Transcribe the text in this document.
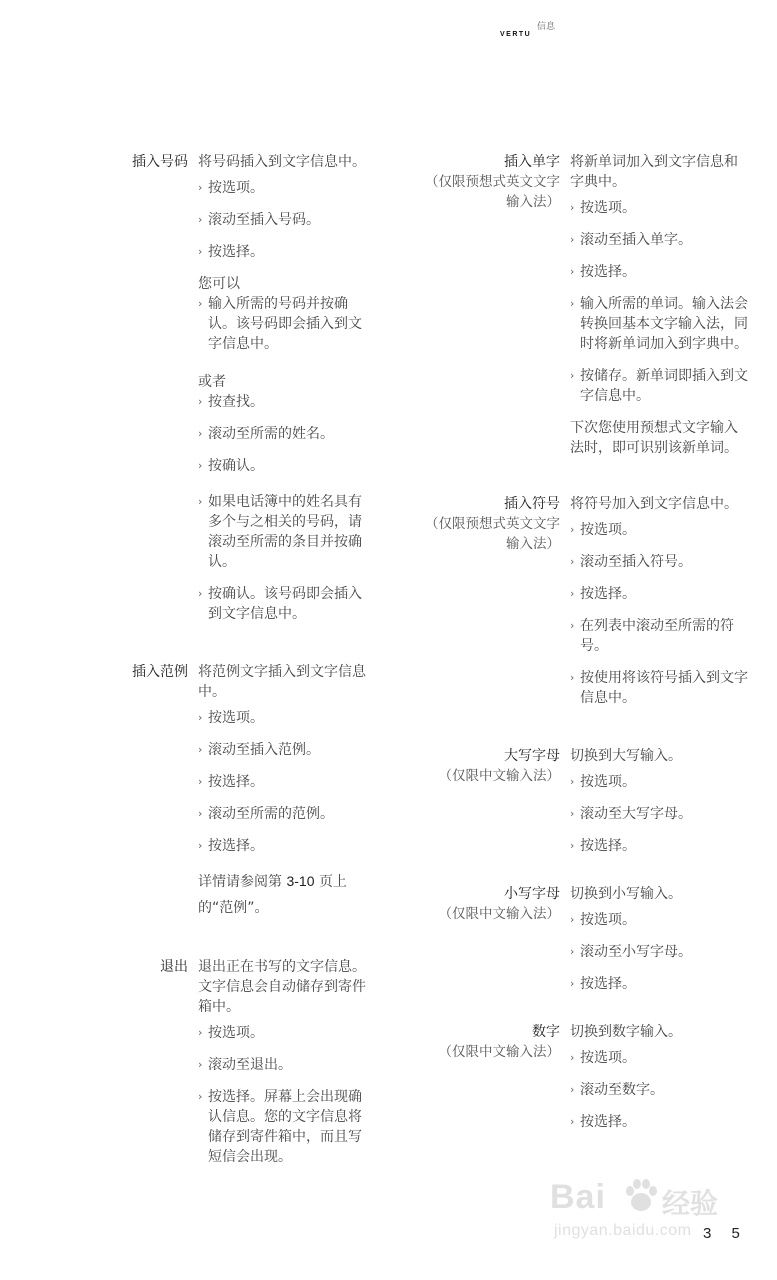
信息
VERTU
插入号码 将号码插入到文字信息中。
› 按选项。
› 滚动至插入号码。
› 按选择。
您可以
› 输入所需的号码并按确认。该号码即会插入到文字信息中。
或者
› 按查找。
› 滚动至所需的姓名。
› 按确认。
› 如果电话簿中的姓名具有多个与之相关的号码，请滚动至所需的条目并按确认。
› 按确认。该号码即会插入到文字信息中。
插入范例 将范例文字插入到文字信息中。
› 按选项。
› 滚动至插入范例。
› 按选择。
› 滚动至所需的范例。
› 按选择。
详情请参阅第 3-10 页上的“范例”。
退出 退出正在书写的文字信息。文字信息会自动储存到寄件箱中。
› 按选项。
› 滚动至退出。
› 按选择。屏幕上会出现确认信息。您的文字信息将储存到寄件箱中，而且写短信会出现。
插入单字
（仅限预想式英文文字输入法）
将新单词加入到文字信息和字典中。
› 按选项。
› 滚动至插入单字。
› 按选择。
› 输入所需的单词。输入法会转换回基本文字输入法，同时将新单词加入到字典中。
› 按储存。新单词即插入到文字信息中。
下次您使用预想式文字输入法时，即可识别该新单词。
插入符号
（仅限预想式英文文字输入法）
将符号加入到文字信息中。
› 按选项。
› 滚动至插入符号。
› 按选择。
› 在列表中滚动至所需的符号。
› 按使用将该符号插入到文字信息中。
大写字母
（仅限中文输入法）
切换到大写输入。
› 按选项。
› 滚动至大写字母。
› 按选择。
小写字母
（仅限中文输入法）
切换到小写输入。
› 按选项。
› 滚动至小写字母。
› 按选择。
数字
（仅限中文输入法）
切换到数字输入。
› 按选项。
› 滚动至数字。
› 按选择。
Bai 经验
jingyan.baidu.com 3 5
